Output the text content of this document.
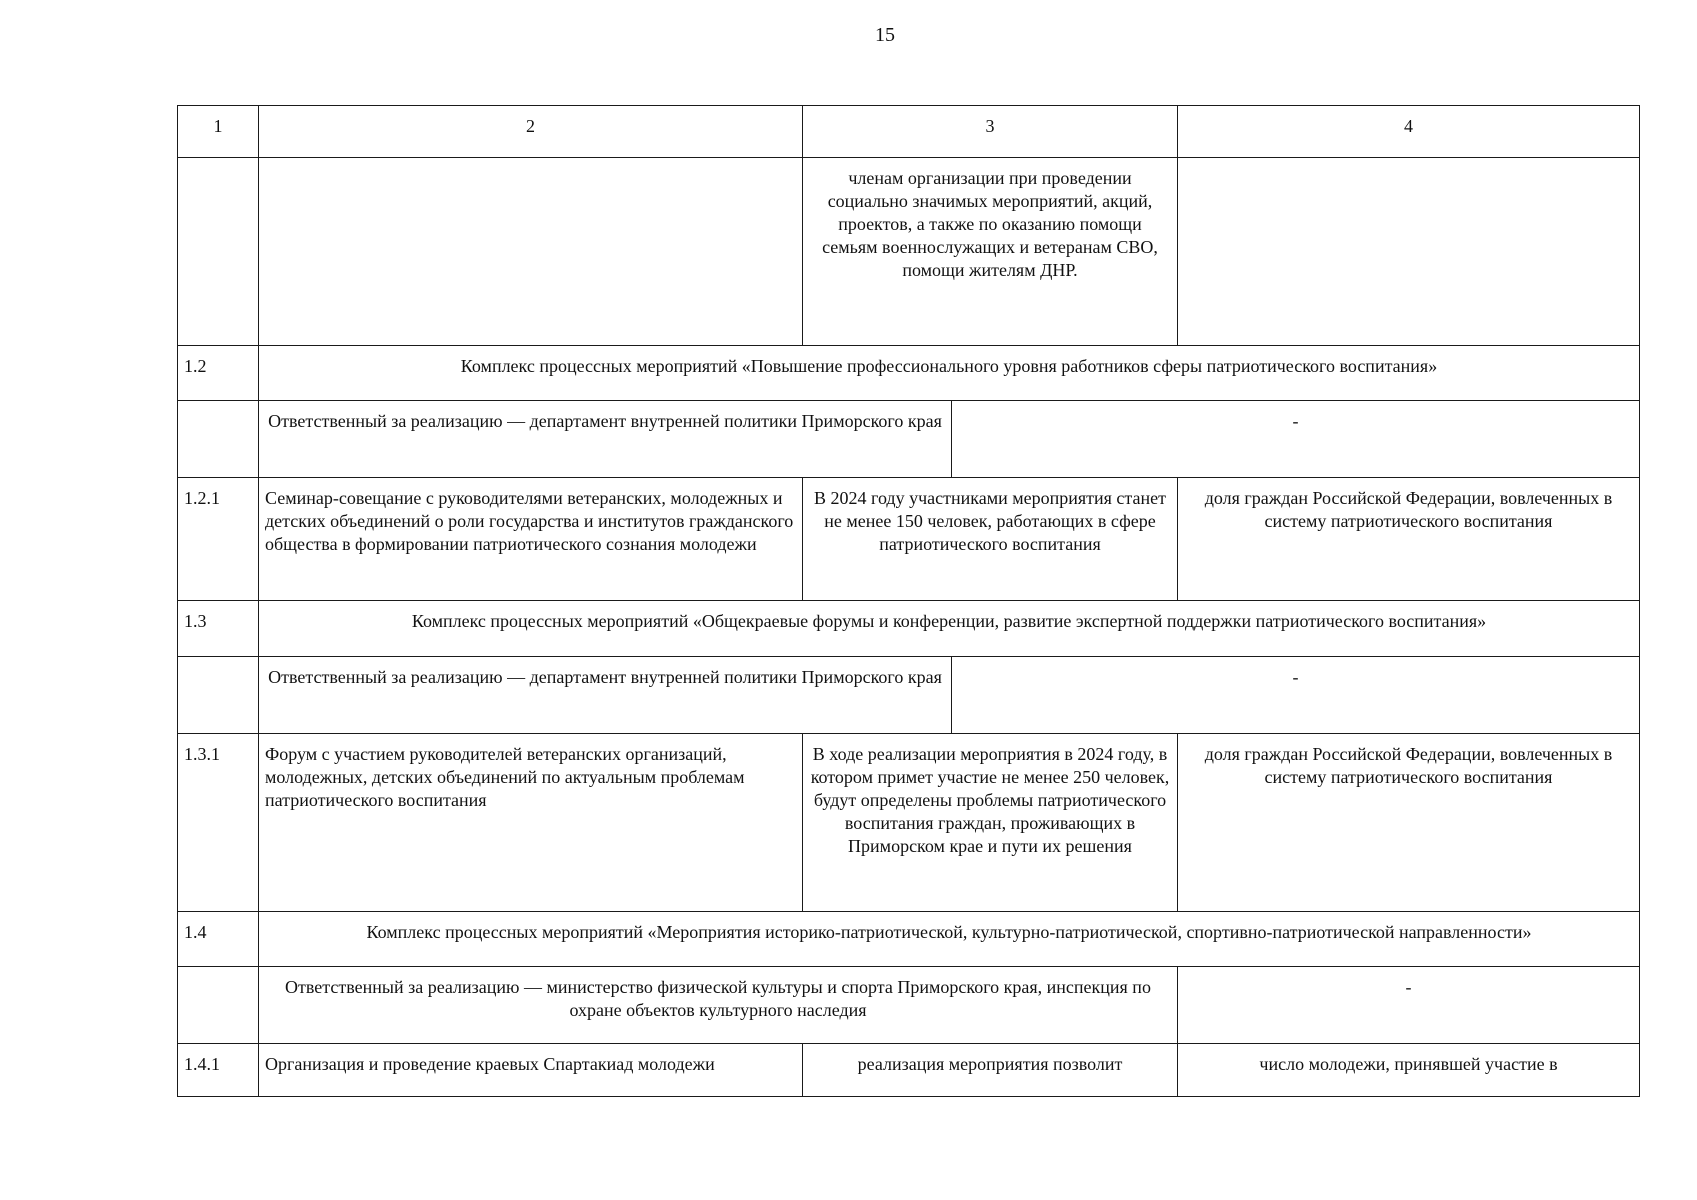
15
1	2	3		4
		членам организации при проведении социально значимых мероприятий, акций, проектов, а также по оказанию помощи семьям военнослужащих и ветеранам СВО, помощи жителям ДНР.		
1.2	Комплекс процессных мероприятий «Повышение профессионального уровня работников сферы патриотического воспитания»			
	Ответственный за реализацию — департамент внутренней политики Приморского края		-	
1.2.1	Семинар-совещание с руководителями ветеранских, молодежных и детских объединений о роли государства и институтов гражданского общества в формировании патриотического сознания молодежи	В 2024 году участниками мероприятия станет не менее 150 человек, работающих в сфере патриотического воспитания		доля граждан Российской Федерации, вовлеченных в систему патриотического воспитания
1.3	Комплекс процессных мероприятий «Общекраевые форумы и конференции, развитие экспертной поддержки патриотического воспитания»			
	Ответственный за реализацию — департамент внутренней политики Приморского края		-	
1.3.1	Форум с участием руководителей ветеранских организаций, молодежных, детских объединений по актуальным проблемам патриотического воспитания	В ходе реализации мероприятия в 2024 году, в котором примет участие не менее 250 человек, будут определены проблемы патриотического воспитания граждан, проживающих в Приморском крае и пути их решения		доля граждан Российской Федерации, вовлеченных в систему патриотического воспитания
1.4	Комплекс процессных мероприятий «Мероприятия историко-патриотической, культурно-патриотической, спортивно-патриотической направленности»			
	Ответственный за реализацию — министерство физической культуры и спорта Приморского края, инспекция по охране объектов культурного наследия			-
1.4.1	Организация и проведение краевых Спартакиад молодежи	реализация мероприятия позволит		число молодежи, принявшей участие в
